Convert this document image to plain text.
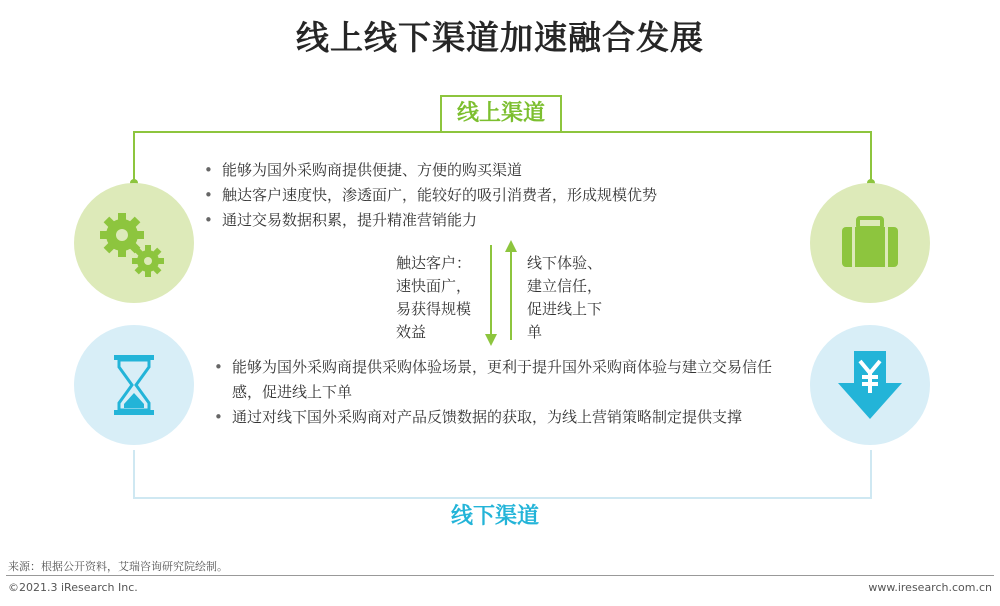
线上线下渠道加速融合发展
线上渠道
线下渠道
• 能够为国外采购商提供便捷、方便的购买渠道
• 触达客户速度快，渗透面广，能较好的吸引消费者，形成规模优势
• 通过交易数据积累，提升精准营销能力
触达客户：速快面广，易获得规模效益
线下体验、建立信任，促进线上下单
• 能够为国外采购商提供采购体验场景，更利于提升国外采购商体验与建立交易信任感，促进线上下单
• 通过对线下国外采购商对产品反馈数据的获取，为线上营销策略制定提供支撑
来源：根据公开资料，艾瑞咨询研究院绘制。
©2021.3 iResearch Inc.	www.iresearch.com.cn
